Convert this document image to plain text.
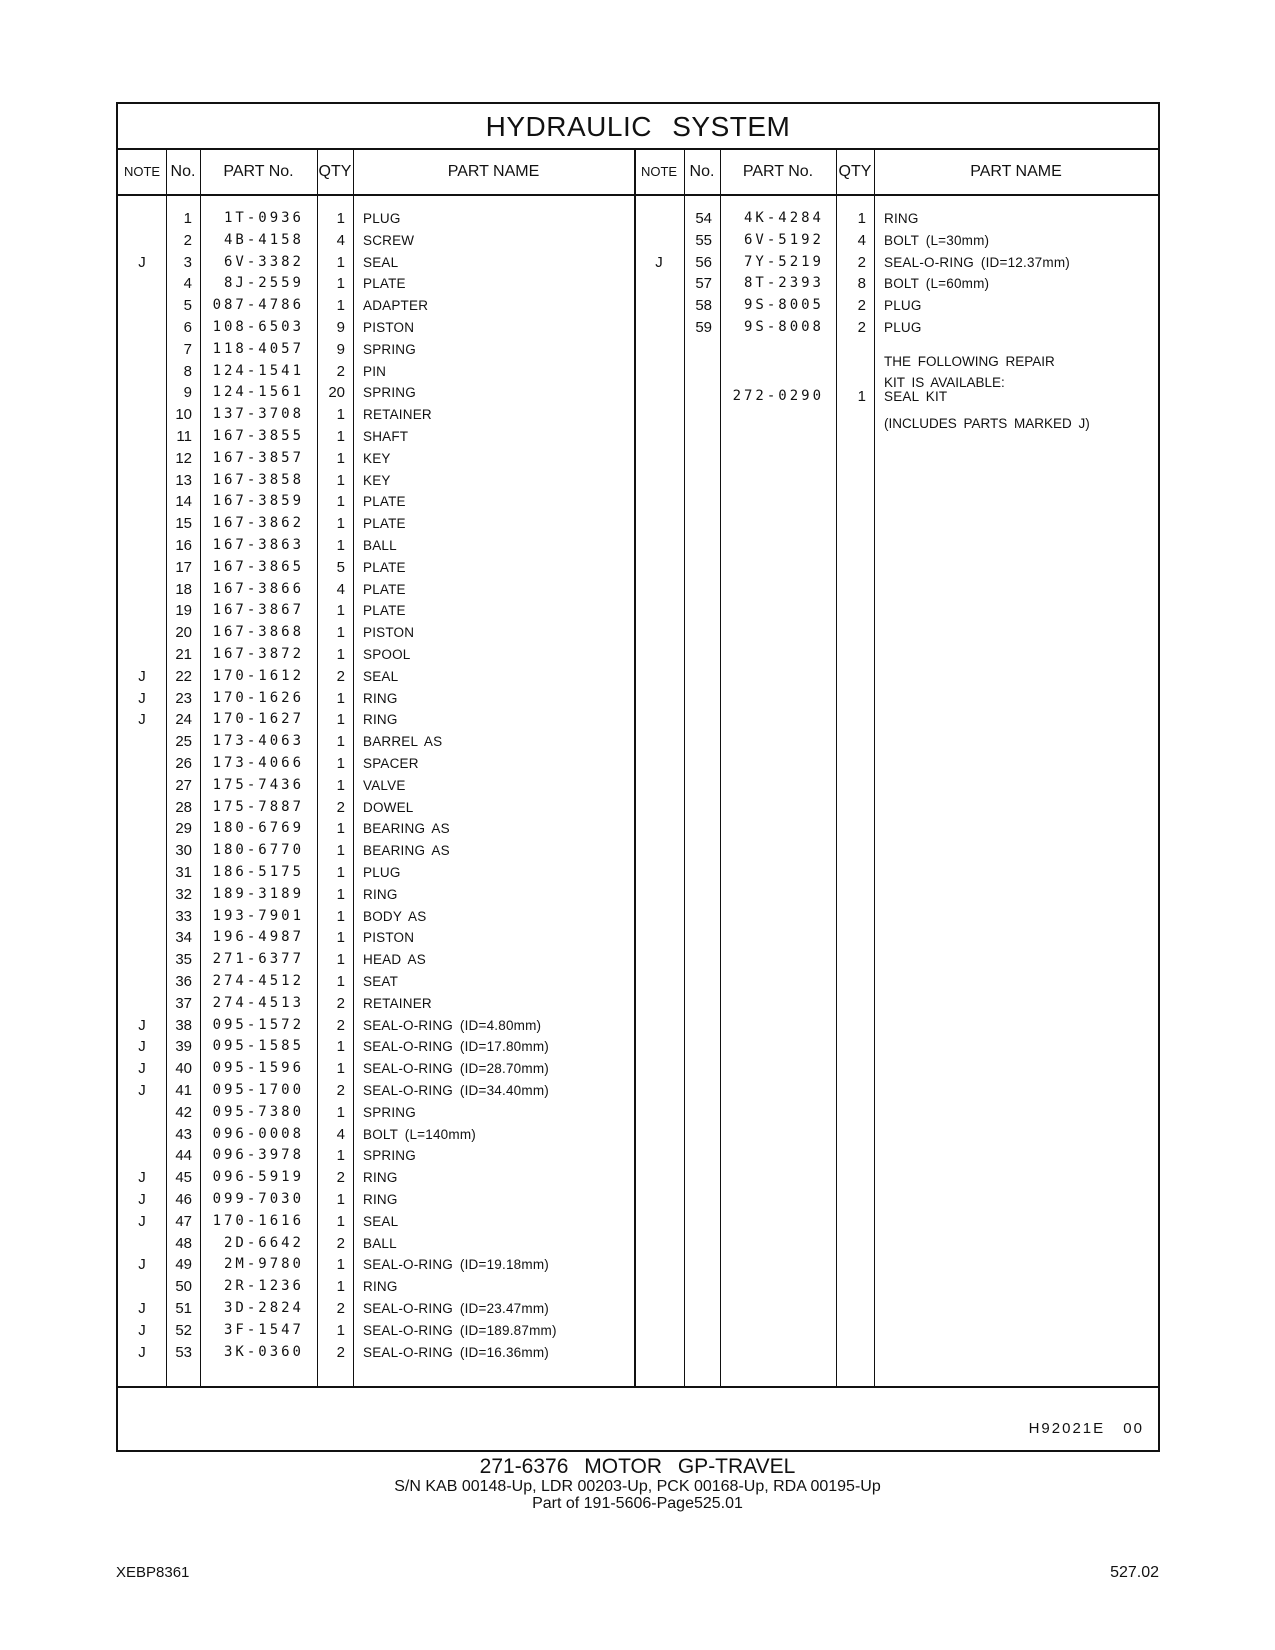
HYDRAULIC SYSTEM
NOTE No.	PART No.	QTY	PART NAME	NOTE No.	PART No.	QTY	PART NAME
1	1T-0936	1 PLUG
2	4B-4158	4 SCREW
J	3	6V-3382	1 SEAL
4	8J-2559	1 PLATE
5	087-4786	1 ADAPTER
6	108-6503	9 PISTON
7	118-4057	9 SPRING
8	124-1541	2 PIN
9	124-1561	20 SPRING
10	137-3708	1 RETAINER
11	167-3855	1 SHAFT
12	167-3857	1 KEY
13	167-3858	1 KEY
14	167-3859	1 PLATE
15	167-3862	1 PLATE
16	167-3863	1 BALL
17	167-3865	5 PLATE
18	167-3866	4 PLATE
19	167-3867	1 PLATE
20	167-3868	1 PISTON
21	167-3872	1 SPOOL
J	22	170-1612	2 SEAL
J	23	170-1626	1 RING
J	24	170-1627	1 RING
25	173-4063	1 BARREL AS
26	173-4066	1 SPACER
27	175-7436	1 VALVE
28	175-7887	2 DOWEL
29	180-6769	1 BEARING AS
30	180-6770	1 BEARING AS
31	186-5175	1 PLUG
32	189-3189	1 RING
33	193-7901	1 BODY AS
34	196-4987	1 PISTON
35	271-6377	1 HEAD AS
36	274-4512	1 SEAT
37	274-4513	2 RETAINER
J	38	095-1572	2 SEAL-O-RING (ID=4.80mm)
J	39	095-1585	1 SEAL-O-RING (ID=17.80mm)
J	40	095-1596	1 SEAL-O-RING (ID=28.70mm)
J	41	095-1700	2 SEAL-O-RING (ID=34.40mm)
42	095-7380	1 SPRING
43	096-0008	4 BOLT (L=140mm)
44	096-3978	1 SPRING
J	45	096-5919	2 RING
J	46	099-7030	1 RING
J	47	170-1616	1 SEAL
48	2D-6642	2 BALL
J	49	2M-9780	1 SEAL-O-RING (ID=19.18mm)
50	2R-1236	1 RING
J	51	3D-2824	2 SEAL-O-RING (ID=23.47mm)
J	52	3F-1547	1 SEAL-O-RING (ID=189.87mm)
J	53	3K-0360	2 SEAL-O-RING (ID=16.36mm)
54	4K-4284	1 RING
55	6V-5192	4 BOLT (L=30mm)
J	56	7Y-5219	2 SEAL-O-RING (ID=12.37mm)
57	8T-2393	8 BOLT (L=60mm)
58	9S-8005	2 PLUG
59	9S-8008	2 PLUG
THE FOLLOWING REPAIR
KIT IS AVAILABLE:
272-0290	1 SEAL KIT
(INCLUDES PARTS MARKED J)
H92021E 00
271-6376 MOTOR GP-TRAVEL
S/N KAB 00148-Up, LDR 00203-Up, PCK 00168-Up, RDA 00195-Up
Part of 191-5606-Page525.01
XEBP8361	527.02
